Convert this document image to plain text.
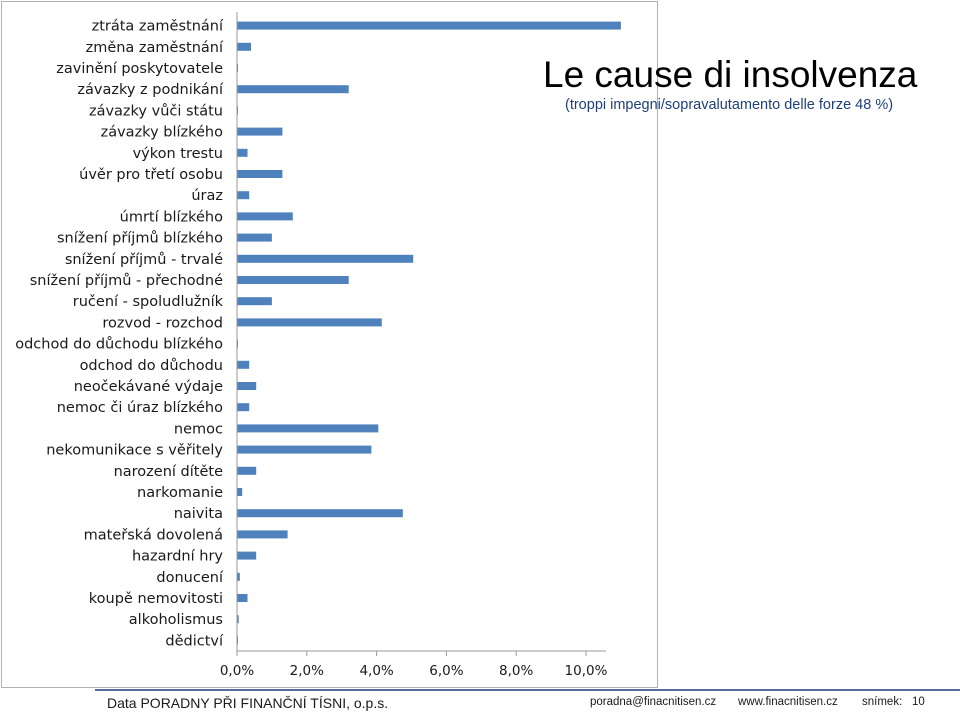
ztráta zaměstnání
změna zaměstnání
zavinění poskytovatele
závazky z podnikání
závazky vůči státu
závazky blízkého
výkon trestu
úvěr pro třetí osobu
úraz
úmrtí blízkého
snížení příjmů blízkého
snížení příjmů - trvalé
snížení příjmů - přechodné
ručení - spoludlužník
rozvod - rozchod
odchod do důchodu blízkého
odchod do důchodu
neočekávané výdaje
nemoc či úraz blízkého
nemoc
nekomunikace s věřitely
narození dítěte
narkomanie
naivita
mateřská dovolená
hazardní hry
donucení
koupě nemovitosti
alkoholismus
dědictví
0,0%	2,0%	4,0%	6,0%	8,0% 10,0%
Le cause di insolvenza
(troppi impegni/sopravalutamento delle forze 48 %)
Data PORADNY PŘI FINANČNÍ TÍSNI, o.p.s.	poradna@finacnitisen.cz www.finacnitisen.cz snímek: 10
